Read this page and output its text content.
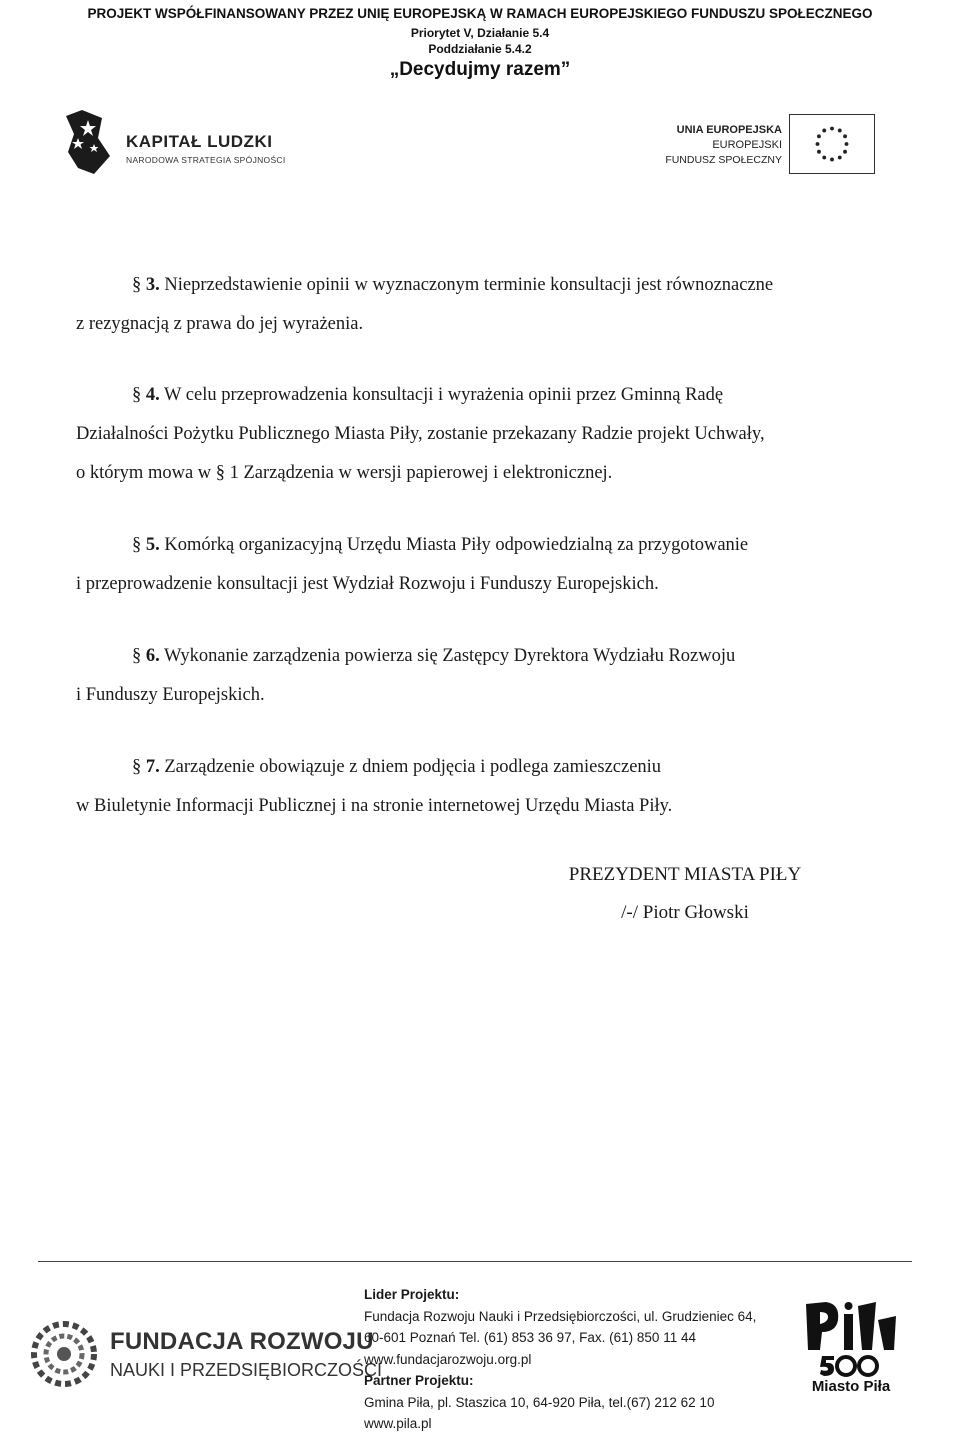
PROJEKT WSPÓŁFINANSOWANY PRZEZ UNIĘ EUROPEJSKĄ W RAMACH EUROPEJSKIEGO FUNDUSZU SPOŁECZNEGO
Priorytet V, Działanie 5.4
Poddziałanie 5.4.2
„Decydujmy razem”
KAPITAŁ LUDZKI
NARODOWA STRATEGIA SPÓJNOŚCI
UNIA EUROPEJSKA
EUROPEJSKI
FUNDUSZ SPOŁECZNY
§ 3. Nieprzedstawienie opinii w wyznaczonym terminie konsultacji jest równoznaczne
z rezygnacją z prawa do jej wyrażenia.
§ 4. W celu przeprowadzenia konsultacji i wyrażenia opinii przez Gminną Radę
Działalności Pożytku Publicznego Miasta Piły, zostanie przekazany Radzie projekt Uchwały,
o którym mowa w § 1 Zarządzenia w wersji papierowej i elektronicznej.
§ 5. Komórką organizacyjną Urzędu Miasta Piły odpowiedzialną za przygotowanie
i przeprowadzenie konsultacji jest Wydział Rozwoju i Funduszy Europejskich.
§ 6. Wykonanie zarządzenia powierza się Zastępcy Dyrektora Wydziału Rozwoju
i Funduszy Europejskich.
§ 7. Zarządzenie obowiązuje z dniem podjęcia i podlega zamieszczeniu
w Biuletynie Informacji Publicznej i na stronie internetowej Urzędu Miasta Piły.
PREZYDENT MIASTA PIŁY
/-/ Piotr Głowski
FUNDACJA ROZWOJU
NAUKI I PRZEDSIĘBIORCZOŚCI
Lider Projektu:
Fundacja Rozwoju Nauki i Przedsiębiorczości, ul. Grudzieniec 64,
60-601 Poznań Tel. (61) 853 36 97, Fax. (61) 850 11 44
www.fundacjarozwoju.org.pl
Partner Projektu:
Gmina Piła, pl. Staszica 10, 64-920 Piła, tel.(67) 212 62 10
www.pila.pl
Miasto Piła
